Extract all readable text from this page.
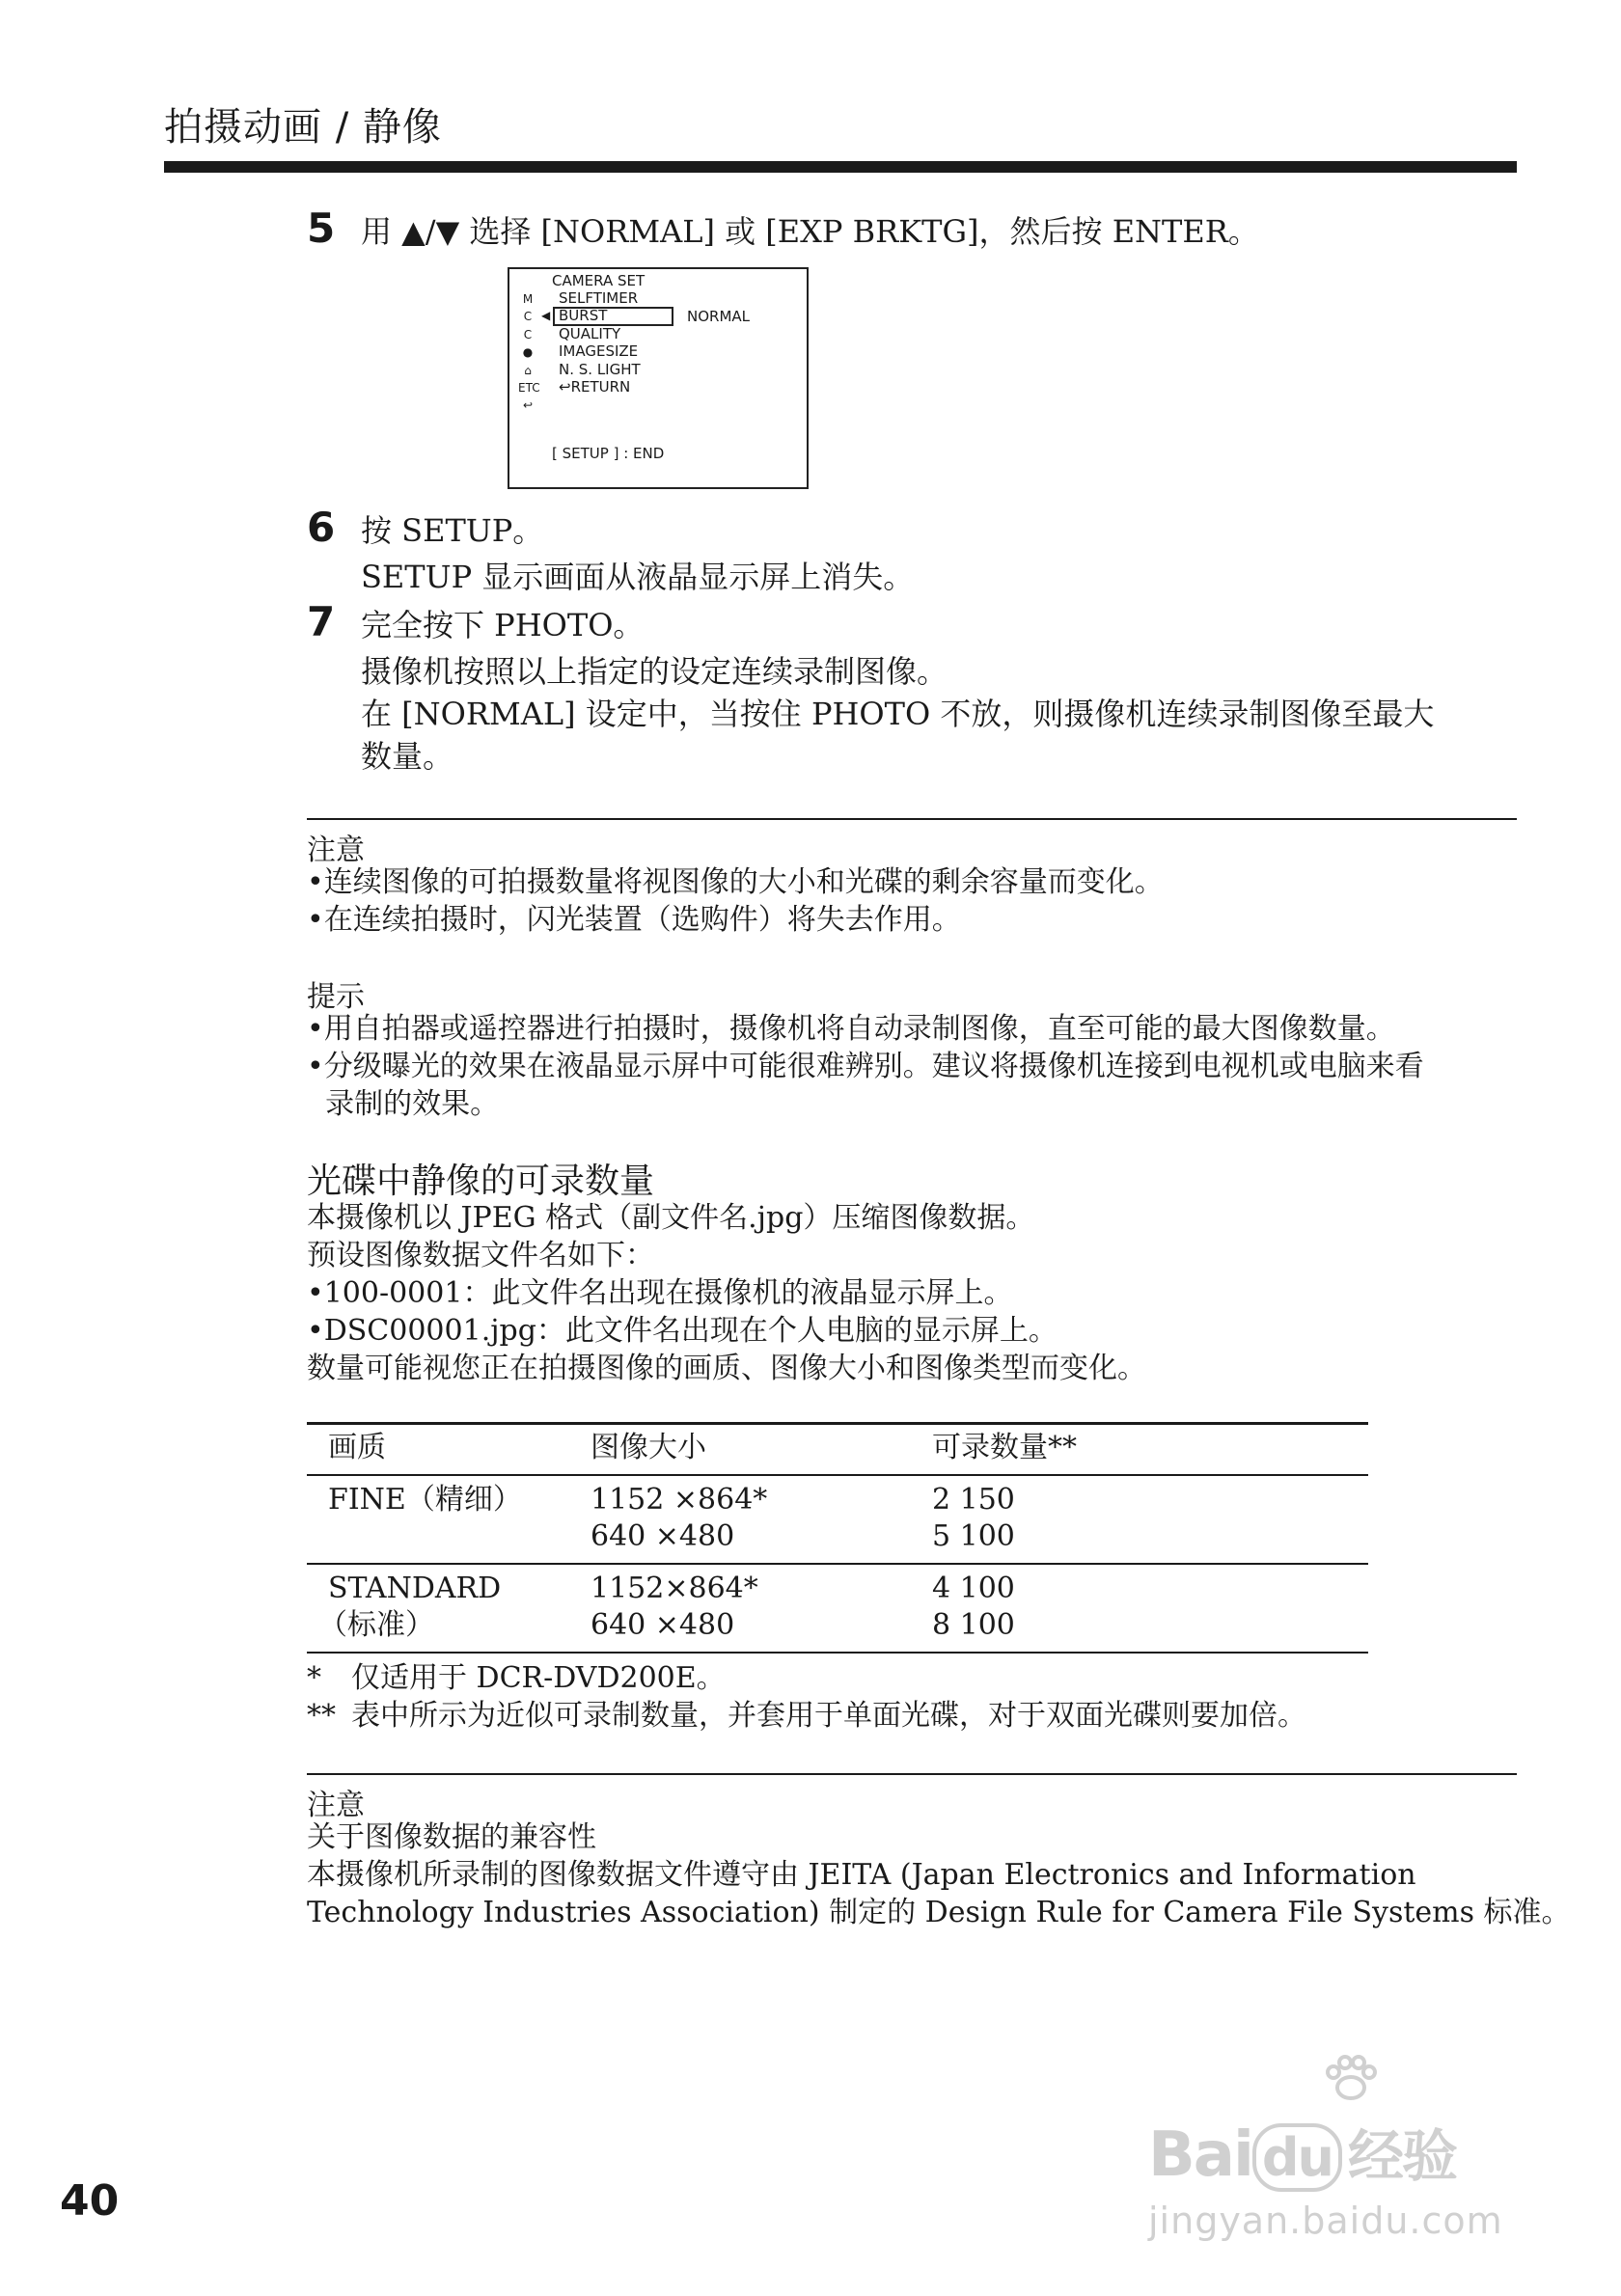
拍摄动画 / 静像
5 用 ▲/▼ 选择 [NORMAL] 或 [EXP BRKTG]，然后按 ENTER。
CAMERA SET
M
C
C
●
⌂
ETC
↩
◀
SELFTIMER
BURST
QUALITY
IMAGESIZE
N. S. LIGHT
↩RETURN
NORMAL
[ SETUP ] : END
6 按 SETUP。
SETUP 显示画面从液晶显示屏上消失。
7 完全按下 PHOTO。
摄像机按照以上指定的设定连续录制图像。
在 [NORMAL] 设定中，当按住 PHOTO 不放，则摄像机连续录制图像至最大
数量。
注意
•连续图像的可拍摄数量将视图像的大小和光碟的剩余容量而变化。
•在连续拍摄时，闪光装置（选购件）将失去作用。
提示
•用自拍器或遥控器进行拍摄时，摄像机将自动录制图像，直至可能的最大图像数量。
•分级曝光的效果在液晶显示屏中可能很难辨别。建议将摄像机连接到电视机或电脑来看
录制的效果。
光碟中静像的可录数量
本摄像机以 JPEG 格式（副文件名.jpg）压缩图像数据。
预设图像数据文件名如下：
•100-0001：此文件名出现在摄像机的液晶显示屏上。
•DSC00001.jpg：此文件名出现在个人电脑的显示屏上。
数量可能视您正在拍摄图像的画质、图像大小和图像类型而变化。
画质	图像大小	可录数量**
FINE（精细） 1152 ×864*
640 ×480
2 150
5 100
STANDARD
（标准）
1152×864*
640 ×480
4 100
8 100
* 仅适用于 DCR-DVD200E。
** 表中所示为近似可录制数量，并套用于单面光碟，对于双面光碟则要加倍。
注意
关于图像数据的兼容性
本摄像机所录制的图像数据文件遵守由 JEITA (Japan Electronics and Information
Technology Industries Association) 制定的 Design Rule for Camera File Systems 标准。
40
Bai du 经验
jingyan.baidu.com
